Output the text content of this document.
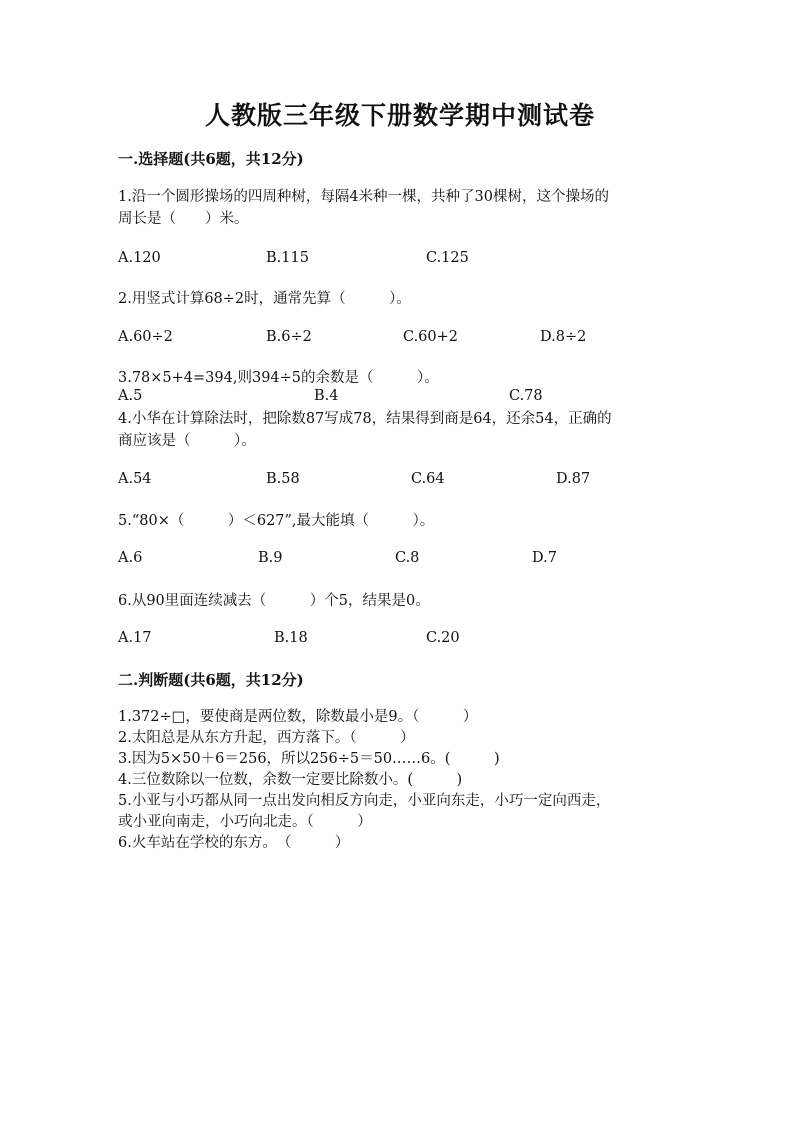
人教版三年级下册数学期中测试卷
一.选择题(共6题，共12分)
1.沿一个圆形操场的四周种树，每隔4米种一棵，共种了30棵树，这个操场的
周长是（　　）米。
A.120	B.115	C.125
2.用竖式计算68÷2时，通常先算（　　　）。
A.60÷2	B.6÷2	C.60+2	D.8÷2
3.78×5+4=394,则394÷5的余数是（　　　）。
A.5	B.4	C.78
4.小华在计算除法时，把除数87写成78，结果得到商是64，还余54，正确的
商应该是（　　　）。
A.54	B.58	C.64	D.87
5.“80×（　　　）＜627”,最大能填（　　　）。
A.6	B.9	C.8	D.7
6.从90里面连续减去（　　　）个5，结果是0。
A.17	B.18	C.20
二.判断题(共6题，共12分)
1.372÷□，要使商是两位数，除数最小是9。（　　　）
2.太阳总是从东方升起，西方落下。（　　　）
3.因为5×50＋6＝256，所以256÷5＝50……6。(　　　)
4.三位数除以一位数，余数一定要比除数小。(　　　)
5.小亚与小巧都从同一点出发向相反方向走，小亚向东走，小巧一定向西走，
或小亚向南走，小巧向北走。（　　　）
6.火车站在学校的东方。　（　　　）
